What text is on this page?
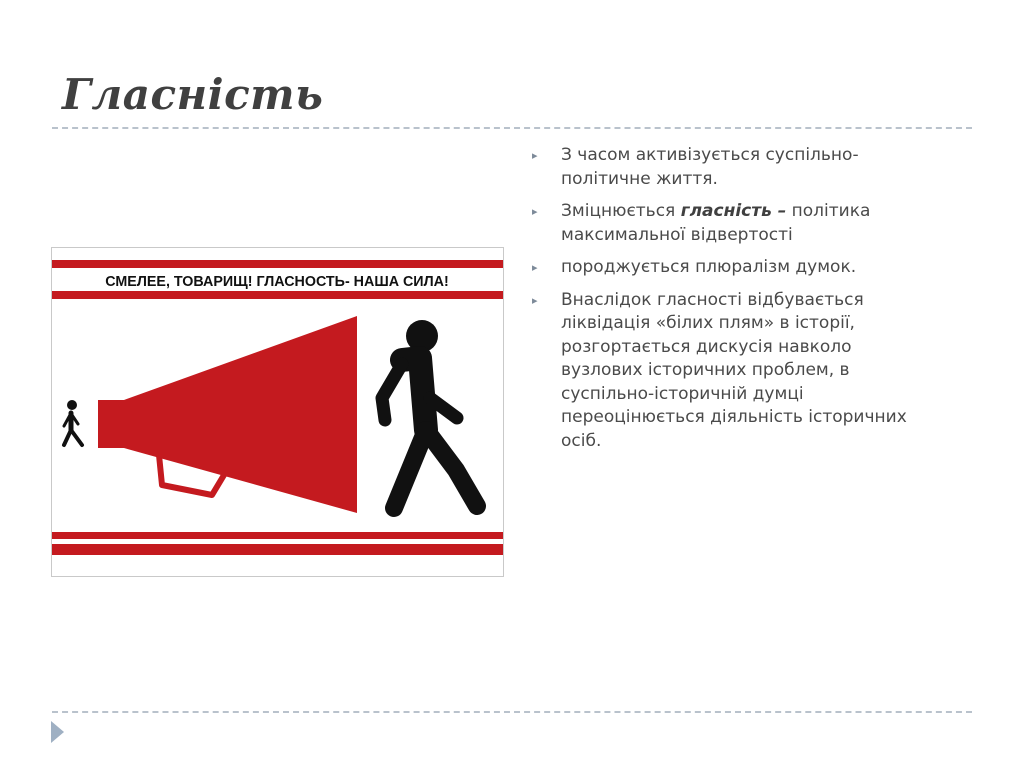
Гласність
СМЕЛЕЕ, ТОВАРИЩ! ГЛАСНОСТЬ- НАША СИЛА!
▸ З часом активізується суспільно-політичне життя.
▸ Зміцнюється гласність – політика максимальної відвертості
▸ породжується плюралізм думок.
▸ Внаслідок гласності відбувається ліквідація «білих плям» в історії, розгортається дискусія навколо вузлових історичних проблем, в суспільно-історичній думці переоцінюється діяльність історичних осіб.
